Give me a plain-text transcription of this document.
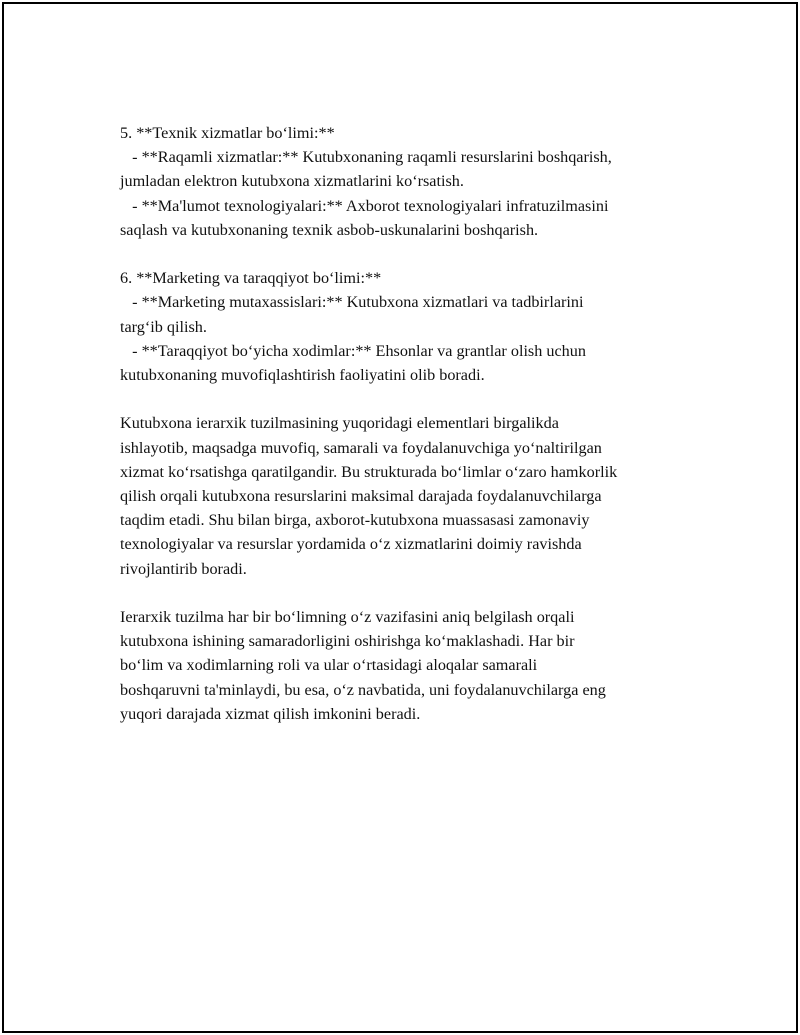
5. **Texnik xizmatlar bo‘limi:**
- **Raqamli xizmatlar:** Kutubxonaning raqamli resurslarini boshqarish,
jumladan elektron kutubxona xizmatlarini ko‘rsatish.
- **Ma'lumot texnologiyalari:** Axborot texnologiyalari infratuzilmasini
saqlash va kutubxonaning texnik asbob-uskunalarini boshqarish.
6. **Marketing va taraqqiyot bo‘limi:**
- **Marketing mutaxassislari:** Kutubxona xizmatlari va tadbirlarini
targ‘ib qilish.
- **Taraqqiyot bo‘yicha xodimlar:** Ehsonlar va grantlar olish uchun
kutubxonaning muvofiqlashtirish faoliyatini olib boradi.
Kutubxona ierarxik tuzilmasining yuqoridagi elementlari birgalikda
ishlayotib, maqsadga muvofiq, samarali va foydalanuvchiga yo‘naltirilgan
xizmat ko‘rsatishga qaratilgandir. Bu strukturada bo‘limlar o‘zaro hamkorlik
qilish orqali kutubxona resurslarini maksimal darajada foydalanuvchilarga
taqdim etadi. Shu bilan birga, axborot-kutubxona muassasasi zamonaviy
texnologiyalar va resurslar yordamida o‘z xizmatlarini doimiy ravishda
rivojlantirib boradi.
Ierarxik tuzilma har bir bo‘limning o‘z vazifasini aniq belgilash orqali
kutubxona ishining samaradorligini oshirishga ko‘maklashadi. Har bir
bo‘lim va xodimlarning roli va ular o‘rtasidagi aloqalar samarali
boshqaruvni ta'minlaydi, bu esa, o‘z navbatida, uni foydalanuvchilarga eng
yuqori darajada xizmat qilish imkonini beradi.
